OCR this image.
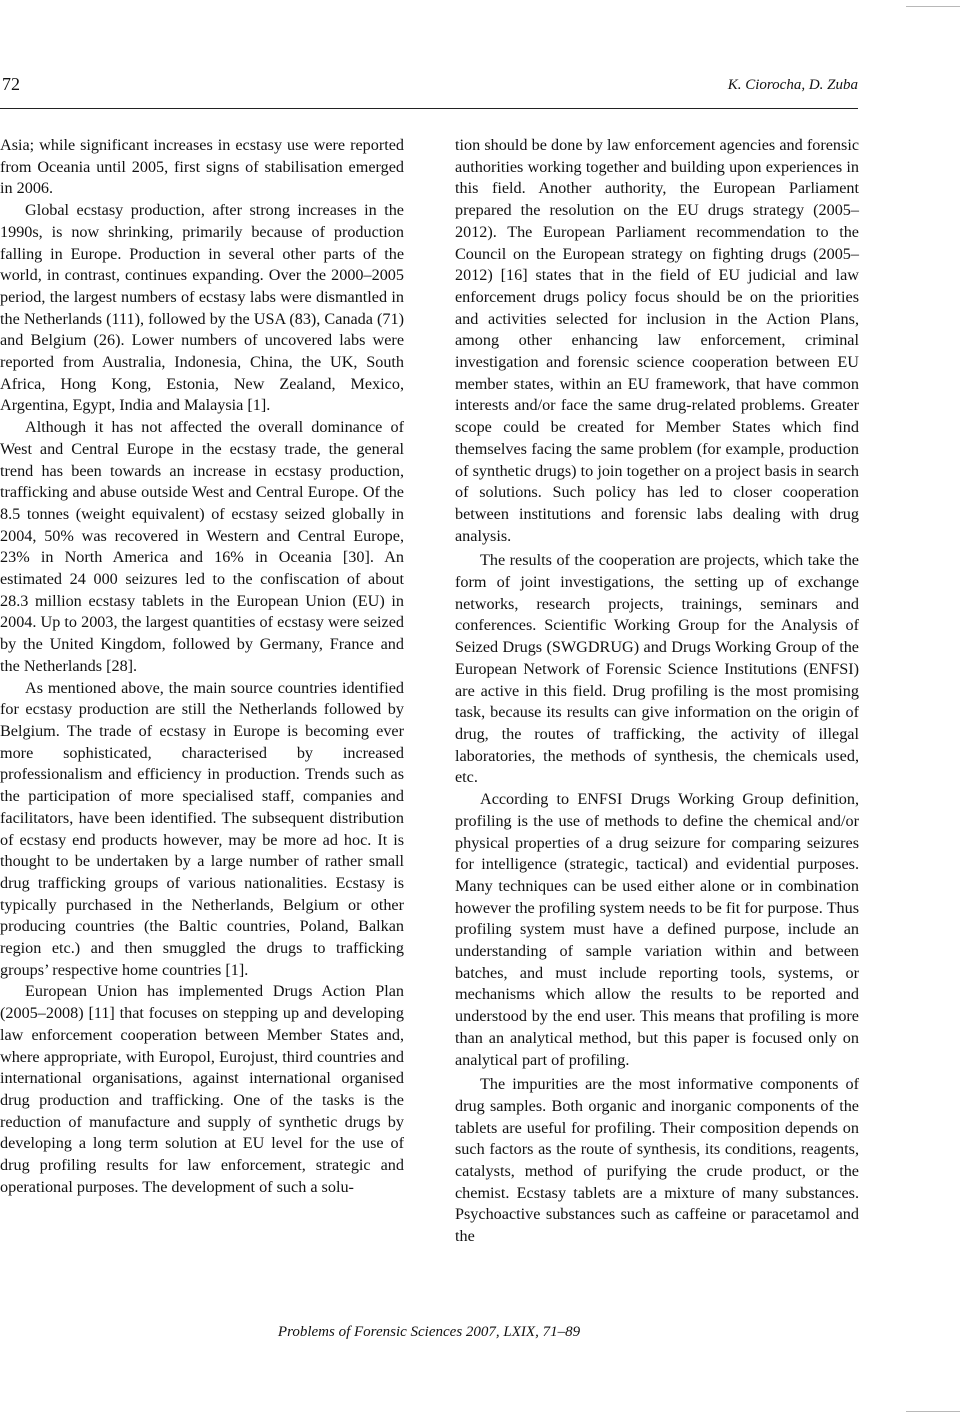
72	K. Ciorocha, D. Zuba

Asia; while significant increases in ecstasy use were reported from Oceania until 2005, first signs of stabilisation emerged in 2006.

Global ecstasy production, after strong increases in the 1990s, is now shrinking, primarily because of production falling in Europe. Production in several other parts of the world, in contrast, continues expanding. Over the 2000–2005 period, the largest numbers of ecstasy labs were dismantled in the Netherlands (111), followed by the USA (83), Canada (71) and Belgium (26). Lower numbers of uncovered labs were reported from Australia, Indonesia, China, the UK, South Africa, Hong Kong, Estonia, New Zealand, Mexico, Argentina, Egypt, India and Malaysia [1].

Although it has not affected the overall dominance of West and Central Europe in the ecstasy trade, the general trend has been towards an increase in ecstasy production, trafficking and abuse outside West and Central Europe. Of the 8.5 tonnes (weight equivalent) of ecstasy seized globally in 2004, 50% was recovered in Western and Central Europe, 23% in North America and 16% in Oceania [30]. An estimated 24 000 seizures led to the confiscation of about 28.3 million ecstasy tablets in the European Union (EU) in 2004. Up to 2003, the largest quantities of ecstasy were seized by the United Kingdom, followed by Germany, France and the Netherlands [28].

As mentioned above, the main source countries identified for ecstasy production are still the Netherlands followed by Belgium. The trade of ecstasy in Europe is becoming ever more sophisticated, characterised by increased professionalism and efficiency in production. Trends such as the participation of more specialised staff, companies and facilitators, have been identified. The subsequent distribution of ecstasy end products however, may be more ad hoc. It is thought to be undertaken by a large number of rather small drug trafficking groups of various nationalities. Ecstasy is typically purchased in the Netherlands, Belgium or other producing countries (the Baltic countries, Poland, Balkan region etc.) and then smuggled the drugs to trafficking groups’ respective home countries [1].

European Union has implemented Drugs Action Plan (2005–2008) [11] that focuses on stepping up and developing law enforcement cooperation between Member States and, where appropriate, with Europol, Eurojust, third countries and international organisations, against international organised drug production and trafficking. One of the tasks is the reduction of manufacture and supply of synthetic drugs by developing a long term solution at EU level for the use of drug profiling results for law enforcement, strategic and operational purposes. The development of such a solu-

tion should be done by law enforcement agencies and forensic authorities working together and building upon experiences in this field. Another authority, the European Parliament prepared the resolution on the EU drugs strategy (2005–2012). The European Parliament recommendation to the Council on the European strategy on fighting drugs (2005–2012) [16] states that in the field of EU judicial and law enforcement drugs policy focus should be on the priorities and activities selected for inclusion in the Action Plans, among other enhancing law enforcement, criminal investigation and forensic science cooperation between EU member states, within an EU framework, that have common interests and/or face the same drug-related problems. Greater scope could be created for Member States which find themselves facing the same problem (for example, production of synthetic drugs) to join together on a project basis in search of solutions. Such policy has led to closer cooperation between institutions and forensic labs dealing with drug analysis.

The results of the cooperation are projects, which take the form of joint investigations, the setting up of exchange networks, research projects, trainings, seminars and conferences. Scientific Working Group for the Analysis of Seized Drugs (SWGDRUG) and Drugs Working Group of the European Network of Forensic Science Institutions (ENFSI) are active in this field. Drug profiling is the most promising task, because its results can give information on the origin of drug, the routes of trafficking, the activity of illegal laboratories, the methods of synthesis, the chemicals used, etc.

According to ENFSI Drugs Working Group definition, profiling is the use of methods to define the chemical and/or physical properties of a drug seizure for comparing seizures for intelligence (strategic, tactical) and evidential purposes. Many techniques can be used either alone or in combination however the profiling system needs to be fit for purpose. Thus profiling system must have a defined purpose, include an understanding of sample variation within and between batches, and must include reporting tools, systems, or mechanisms which allow the results to be reported and understood by the end user. This means that profiling is more than an analytical method, but this paper is focused only on analytical part of profiling.

The impurities are the most informative components of drug samples. Both organic and inorganic components of the tablets are useful for profiling. Their composition depends on such factors as the route of synthesis, its conditions, reagents, catalysts, method of purifying the crude product, or the chemist. Ecstasy tablets are a mixture of many substances. Psychoactive substances such as caffeine or paracetamol and the

Problems of Forensic Sciences 2007, LXIX, 71–89
